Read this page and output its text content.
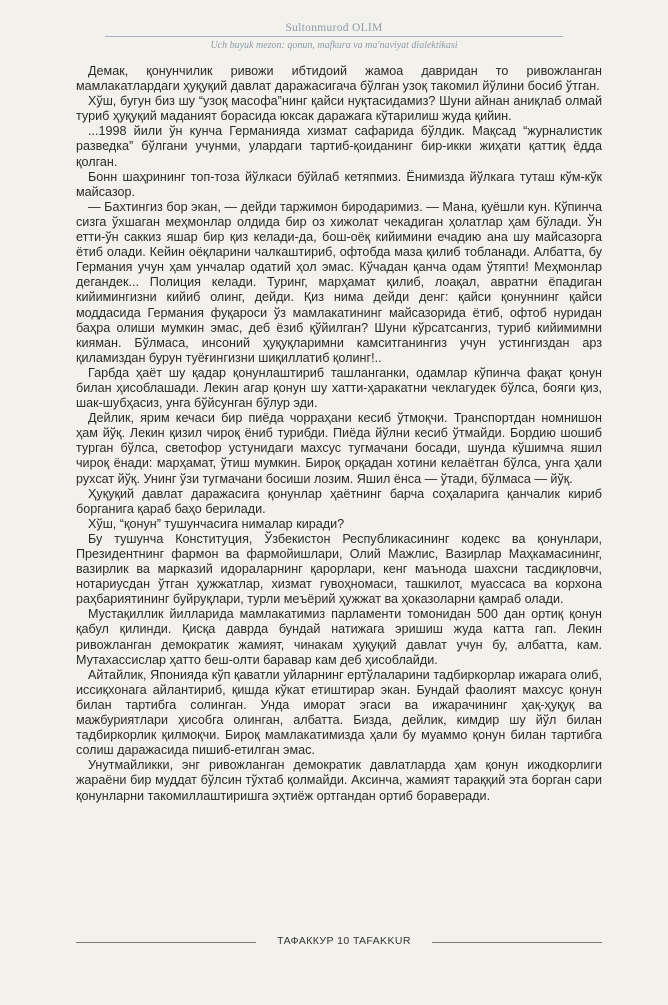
Sultonmurod OLIM
Uch buyuk mezon: qonun, mafkura va ma'naviyat dialektikasi

Демак, қонунчилик ривожи ибтидоий жамоа давридан то ривожланган мамлакатлардаги ҳуқуқий давлат даражасигача бўлган узоқ такомил йўлини босиб ўтган.

Хўш, бугун биз шу “узоқ масофа”нинг қайси нуқтасидамиз? Шуни айнан аниқлаб олмай туриб ҳуқуқий маданият борасида юксак даражага кўтарилиш жуда қийин.

...1998 йили ўн кунча Германияда хизмат сафарида бўлдик. Мақсад “журналистик разведка” бўлгани учунми, улардаги тартиб-қоиданинг бир-икки жиҳати қаттиқ ёдда қолган.

Бонн шаҳрининг топ-тоза йўлкаси бўйлаб кетяпмиз. Ёнимизда йўлкага туташ кўм-кўк майсазор.

— Бахтингиз бор экан, — дейди таржимон биродаримиз. — Мана, қуёшли кун. Кўпинча сизга ўхшаган меҳмонлар олдида бир оз хижолат чекадиган ҳолатлар ҳам бўлади. Ўн етти-ўн саккиз яшар бир қиз келади-да, бош-оёқ кийимини ечадию ана шу майсазорга ётиб олади. Кейин оёқларини чалкаштириб, офтобда маза қилиб тобланади. Албатта, бу Германия учун ҳам унчалар одатий ҳол эмас. Кўчадан қанча одам ўтяпти! Меҳмонлар дегандек... Полиция келади. Туринг, марҳамат қилиб, лоақал, авратни ёпадиган кийимингизни кийиб олинг, дейди. Қиз нима дейди денг: қайси қонуннинг қайси моддасида Германия фуқароси ўз мамлакатининг майсазорида ётиб, офтоб нуридан баҳра олиши мумкин эмас, деб ёзиб қўйилган? Шуни кўрсатсангиз, туриб кийимимни кияман. Бўлмаса, инсоний ҳуқуқларимни камситганингиз учун устингиздан арз қиламиздан бурун туёғингизни шиқиллатиб қолинг!..

Гарбда ҳаёт шу қадар қонунлаштириб ташланганки, одамлар кўпинча фақат қонун билан ҳисоблашади. Лекин агар қонун шу хатти-ҳаракатни чеклагудек бўлса, бояги қиз, шак-шубҳасиз, унга бўйсунган бўлур эди.

Дейлик, ярим кечаси бир пиёда чорраҳани кесиб ўтмоқчи. Транспортдан номнишон ҳам йўқ. Лекин қизил чироқ ёниб турибди. Пиёда йўлни кесиб ўтмайди. Бордию шошиб турган бўлса, светофор устунидаги махсус тугмачани босади, шунда кўшимча яшил чироқ ёнади: марҳамат, ўтиш мумкин. Бироқ орқадан хотини келаётган бўлса, унга ҳали рухсат йўқ. Унинг ўзи тугмачани босиши лозим. Яшил ёнса — ўтади, бўлмаса — йўқ.

Ҳуқуқий давлат даражасига қонунлар ҳаётнинг барча соҳаларига қанчалик кириб борганига қараб баҳо берилади.

Хўш, “қонун” тушунчасига нималар киради?

Бу тушунча Конституция, Ўзбекистон Республикасининг кодекс ва қонунлари, Президентнинг фармон ва фармойишлари, Олий Мажлис, Вазирлар Маҳкамасининг, вазирлик ва марказий идораларнинг қарорлари, кенг маънода шахсни тасдиқловчи, нотариусдан ўтган ҳужжатлар, хизмат гувоҳномаси, ташкилот, муассаса ва корхона раҳбариятининг буйруқлари, турли меъёрий ҳужжат ва ҳоказоларни қамраб олади.

Мустақиллик йилларида мамлакатимиз парламенти томонидан 500 дан ортиқ қонун қабул қилинди. Қисқа даврда бундай натижага эришиш жуда катта гап. Лекин ривожланган демократик жамият, чинакам ҳуқуқий давлат учун бу, албатта, кам. Мутахассислар ҳатто беш-олти баравар кам деб ҳисоблайди.

Айтайлик, Японияда кўп қаватли уйларнинг ертўлаларини тадбиркорлар ижарага олиб, иссиқхонага айлантириб, қишда кўкат етиштирар экан. Бундай фаолият махсус қонун билан тартибга солинган. Унда иморат эгаси ва ижарачининг ҳақ-ҳуқуқ ва мажбуриятлари ҳисобга олинган, албатта. Бизда, дейлик, кимдир шу йўл билан тадбиркорлик қилмоқчи. Бироқ мамлакатимизда ҳали бу муаммо қонун билан тартибга солиш даражасида пишиб-етилган эмас.

Унутмайликки, энг ривожланган демократик давлатларда ҳам қонун ижодкорлиги жараёни бир муддат бўлсин тўхтаб қолмайди. Аксинча, жамият тараққий эта борган сари қонунларни такомиллаштиришга эҳтиёж ортгандан ортиб бораверади.

ТАФАККУР 10 TAFAKKUR
